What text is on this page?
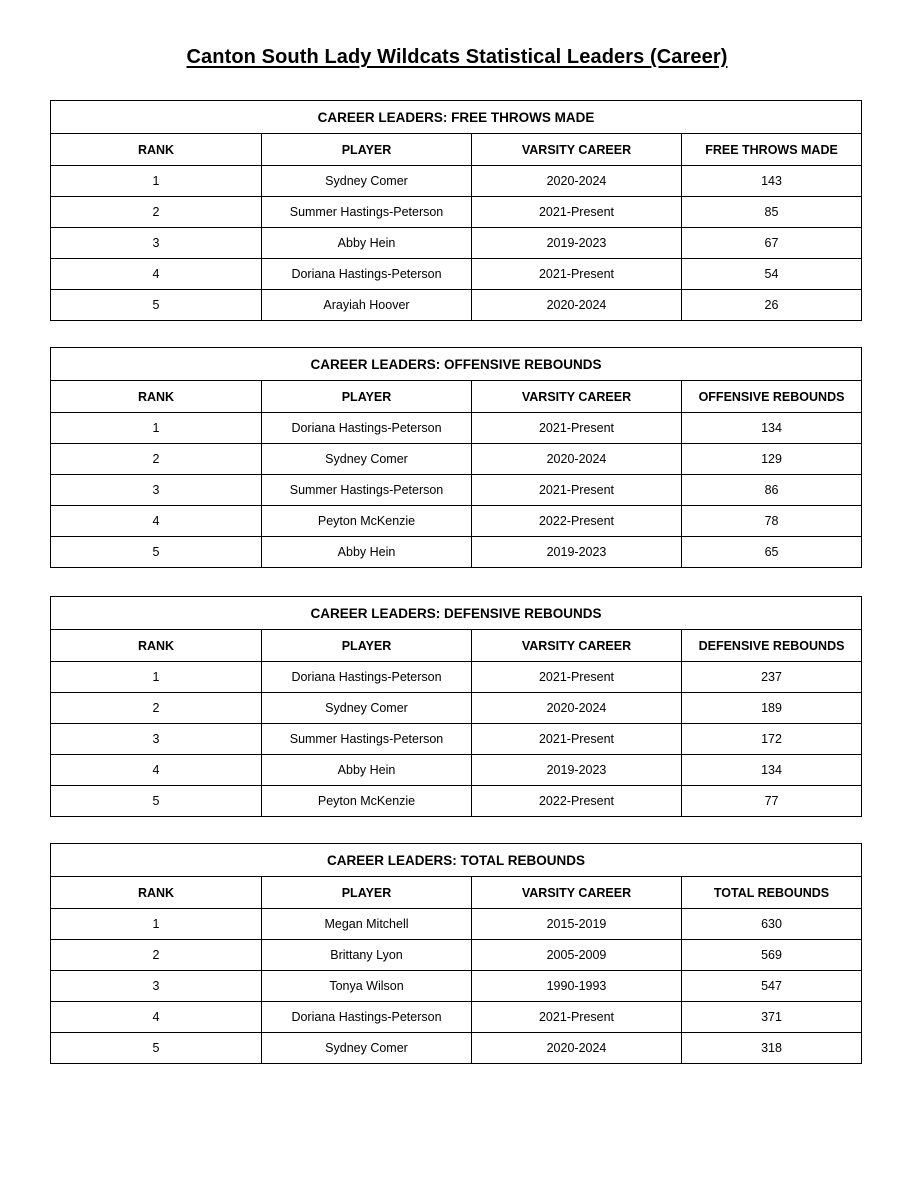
Canton South Lady Wildcats Statistical Leaders (Career)
CAREER LEADERS: FREE THROWS MADE			
RANK	PLAYER	VARSITY CAREER	FREE THROWS MADE
1	Sydney Comer	2020-2024	143
2	Summer Hastings-Peterson	2021-Present	85
3	Abby Hein	2019-2023	67
4	Doriana Hastings-Peterson	2021-Present	54
5	Arayiah Hoover	2020-2024	26
CAREER LEADERS: OFFENSIVE REBOUNDS			
RANK	PLAYER	VARSITY CAREER	OFFENSIVE REBOUNDS
1	Doriana Hastings-Peterson	2021-Present	134
2	Sydney Comer	2020-2024	129
3	Summer Hastings-Peterson	2021-Present	86
4	Peyton McKenzie	2022-Present	78
5	Abby Hein	2019-2023	65
CAREER LEADERS: DEFENSIVE REBOUNDS			
RANK	PLAYER	VARSITY CAREER	DEFENSIVE REBOUNDS
1	Doriana Hastings-Peterson	2021-Present	237
2	Sydney Comer	2020-2024	189
3	Summer Hastings-Peterson	2021-Present	172
4	Abby Hein	2019-2023	134
5	Peyton McKenzie	2022-Present	77
CAREER LEADERS: TOTAL REBOUNDS			
RANK	PLAYER	VARSITY CAREER	TOTAL REBOUNDS
1	Megan Mitchell	2015-2019	630
2	Brittany Lyon	2005-2009	569
3	Tonya Wilson	1990-1993	547
4	Doriana Hastings-Peterson	2021-Present	371
5	Sydney Comer	2020-2024	318
